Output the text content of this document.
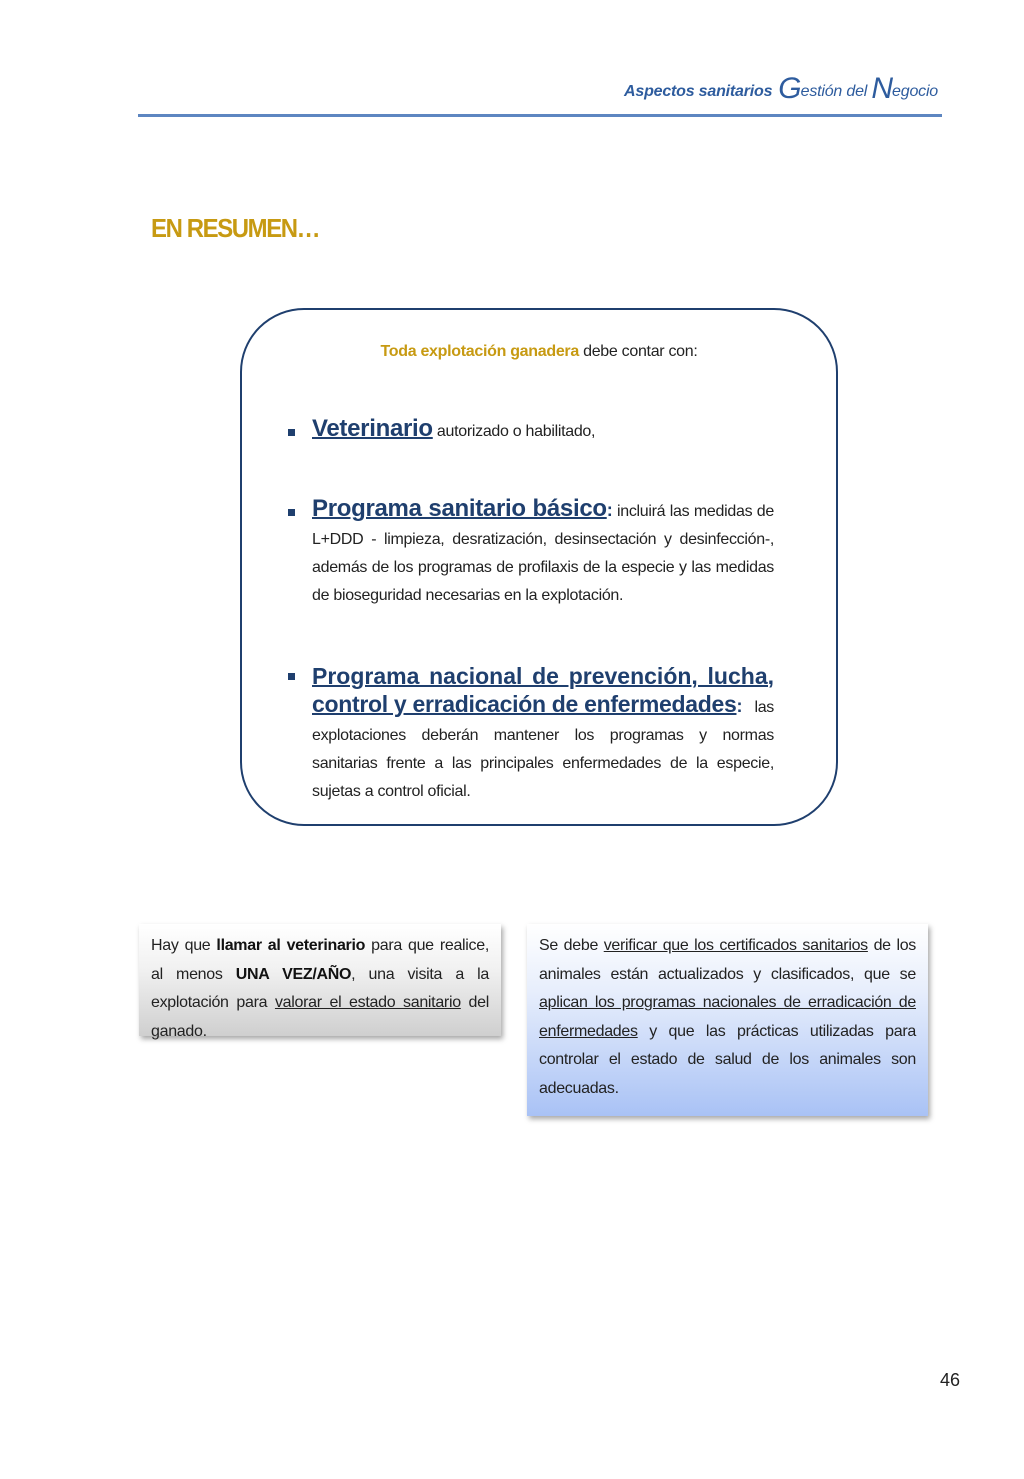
Aspectos sanitarios Gestión del Negocio
EN RESUMEN…
Toda explotación ganadera debe contar con:

Veterinario autorizado o habilitado,

Programa sanitario básico: incluirá las medidas de L+DDD - limpieza, desratización, desinsectación y desinfección-, además de los programas de profilaxis de la especie y las medidas de bioseguridad necesarias en la explotación.

Programa nacional de prevención, lucha,
control y erradicación de enfermedades : las

explotaciones deberán mantener los programas y normas sanitarias frente a las principales enfermedades de la especie, sujetas a control oficial.

Hay que llamar al veterinario para que realice, al menos UNA VEZ/AÑO, una visita a la explotación para valorar el estado sanitario del ganado.

Se debe verificar que los certificados sanitarios de los animales están actualizados y clasificados, que se aplican los programas nacionales de erradicación de enfermedades y que las prácticas utilizadas para controlar el estado de salud de los animales son adecuadas.

46
